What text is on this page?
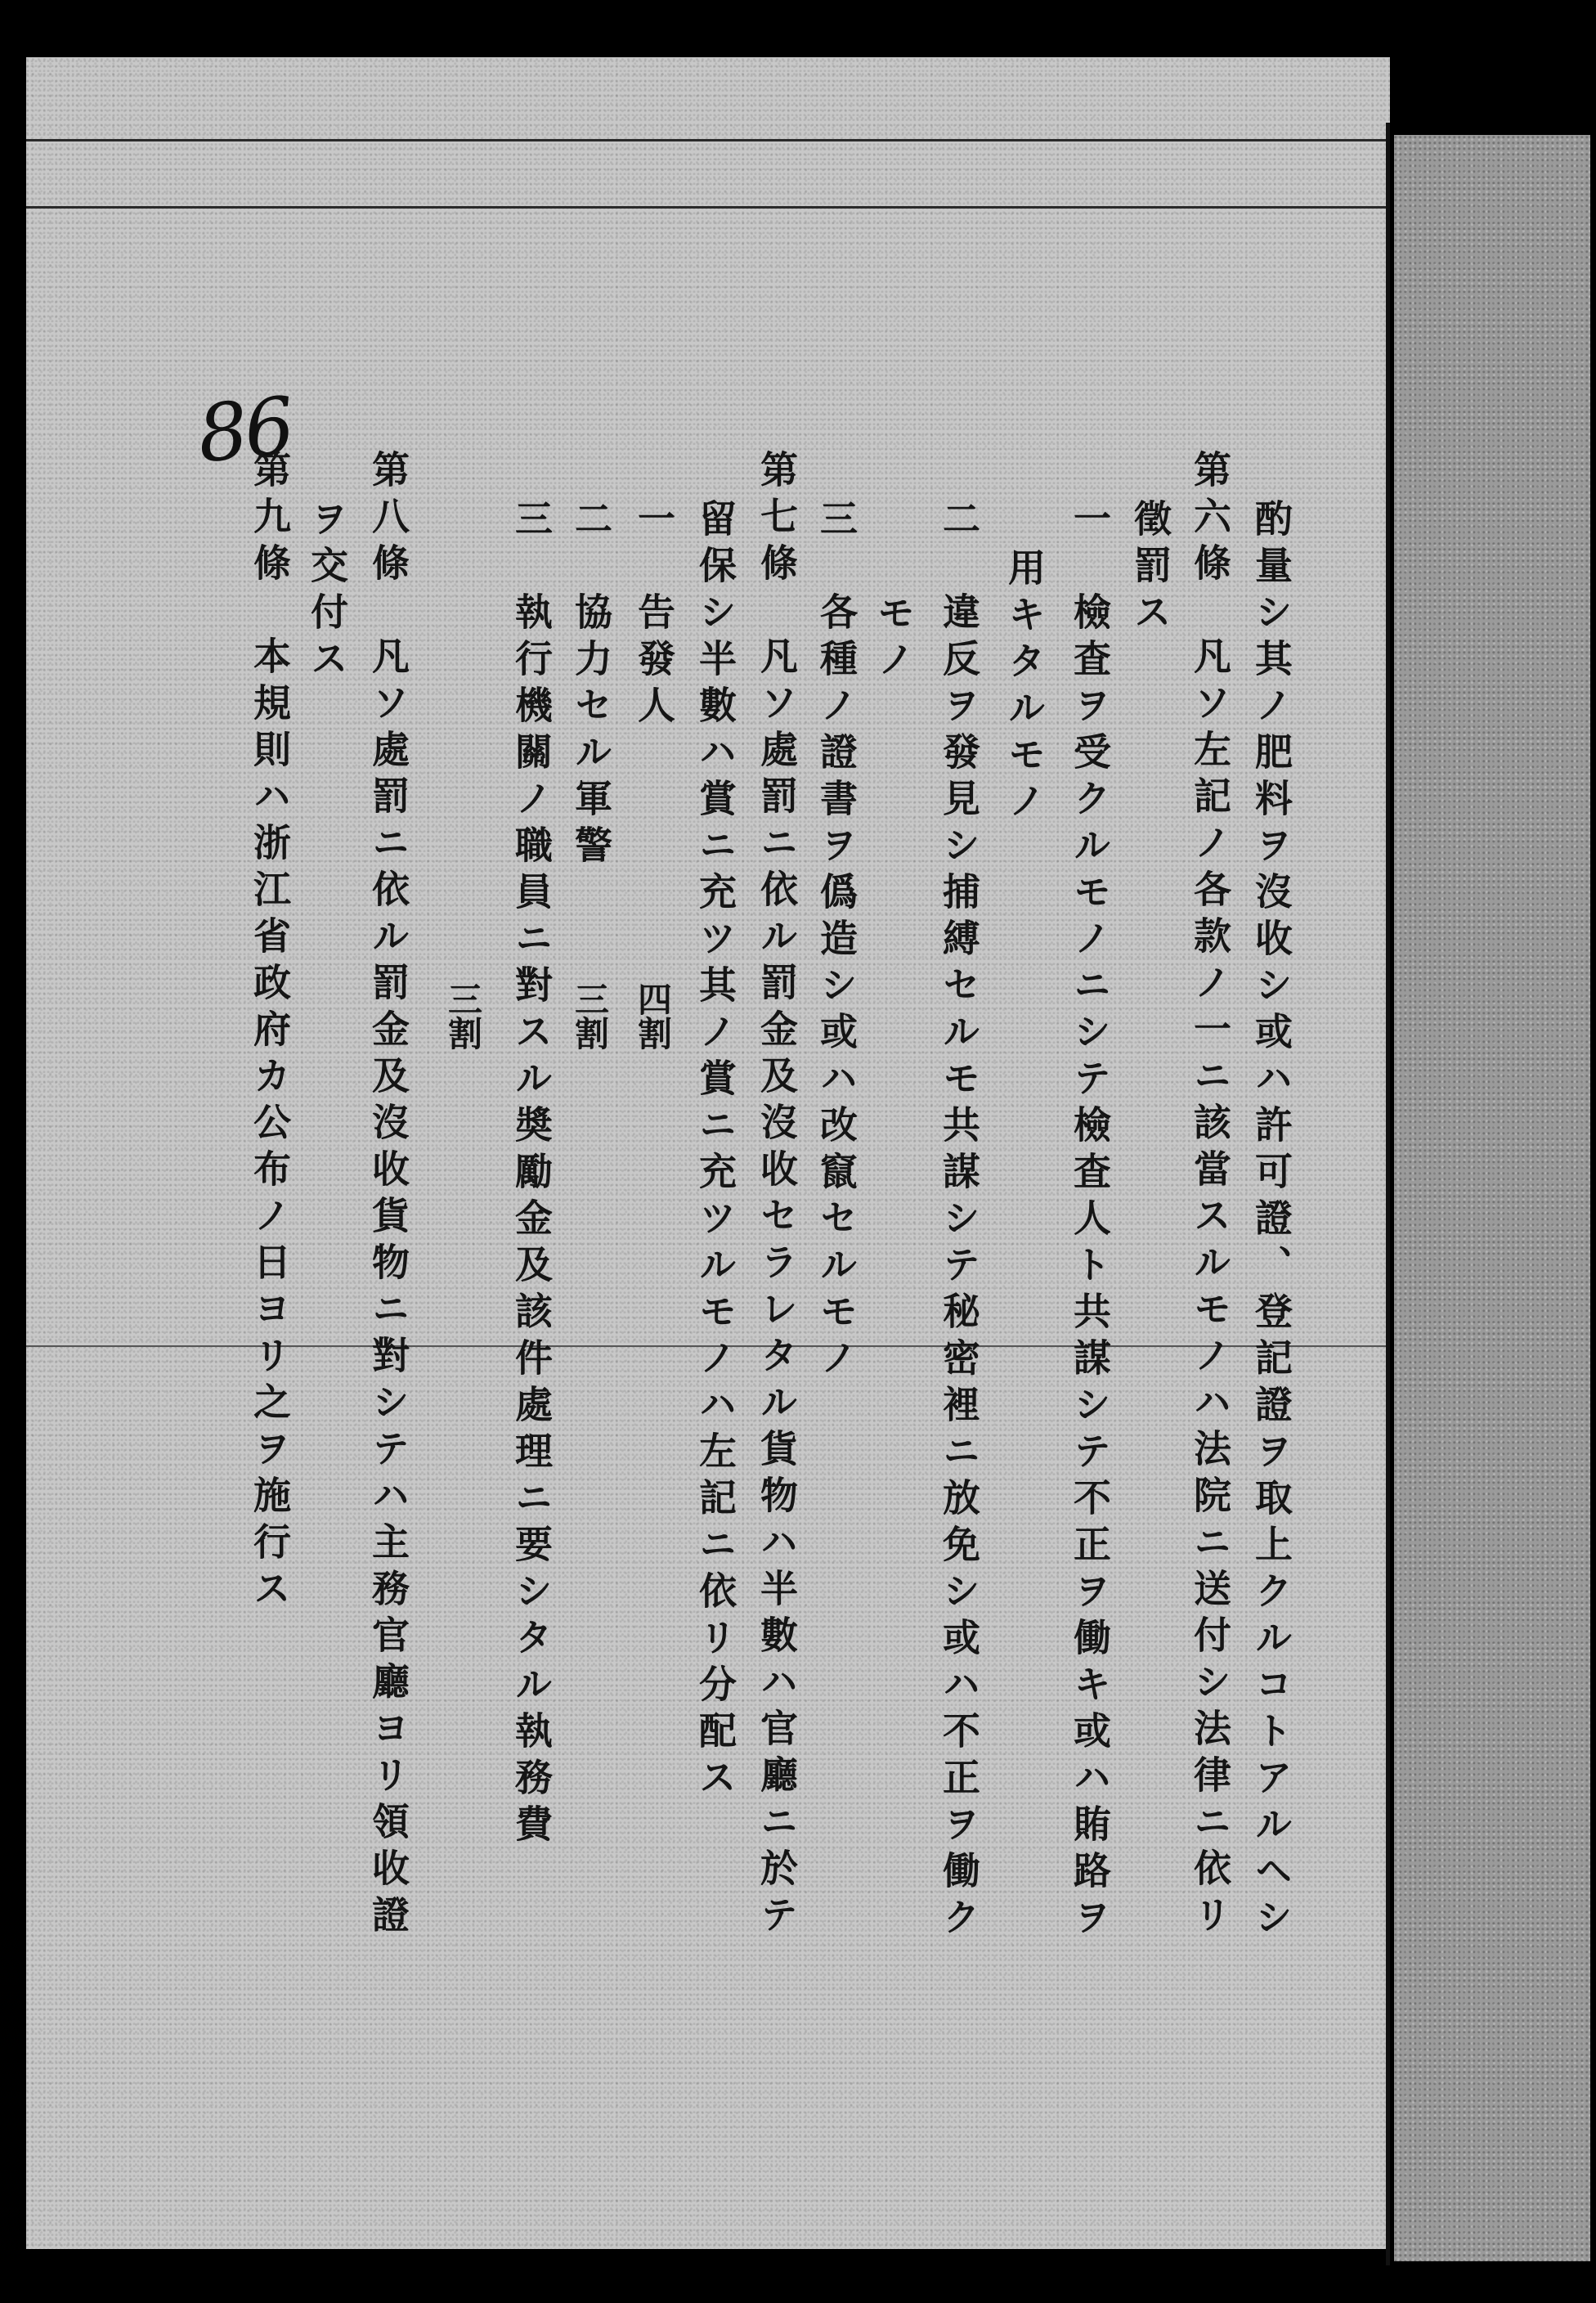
86
酌量シ其ノ肥料ヲ沒收シ或ハ許可證、登記證ヲ取上クルコトアルヘシ
第六條　凡ソ左記ノ各款ノ一ニ該當スルモノハ法院ニ送付シ法律ニ依リ
徵罰ス
一　檢査ヲ受クルモノニシテ檢査人ト共謀シテ不正ヲ働キ或ハ賄路ヲ
用キタルモノ
二　違反ヲ發見シ捕縛セルモ共謀シテ秘密裡ニ放免シ或ハ不正ヲ働ク
モノ
三　各種ノ證書ヲ僞造シ或ハ改竄セルモノ
第七條　凡ソ處罰ニ依ル罰金及沒收セラレタル貨物ハ半數ハ官廳ニ於テ
留保シ半數ハ賞ニ充ツ其ノ賞ニ充ツルモノハ左記ニ依リ分配ス
一　告發人
二　協力セル軍警
三　執行機關ノ職員ニ對スル奬勵金及該件處理ニ要シタル執務費
第八條　凡ソ處罰ニ依ル罰金及沒收貨物ニ對シテハ主務官廳ヨリ領收證
ヲ交付ス
第九條　本規則ハ浙江省政府カ公布ノ日ヨリ之ヲ施行ス	四割
三割
三割
